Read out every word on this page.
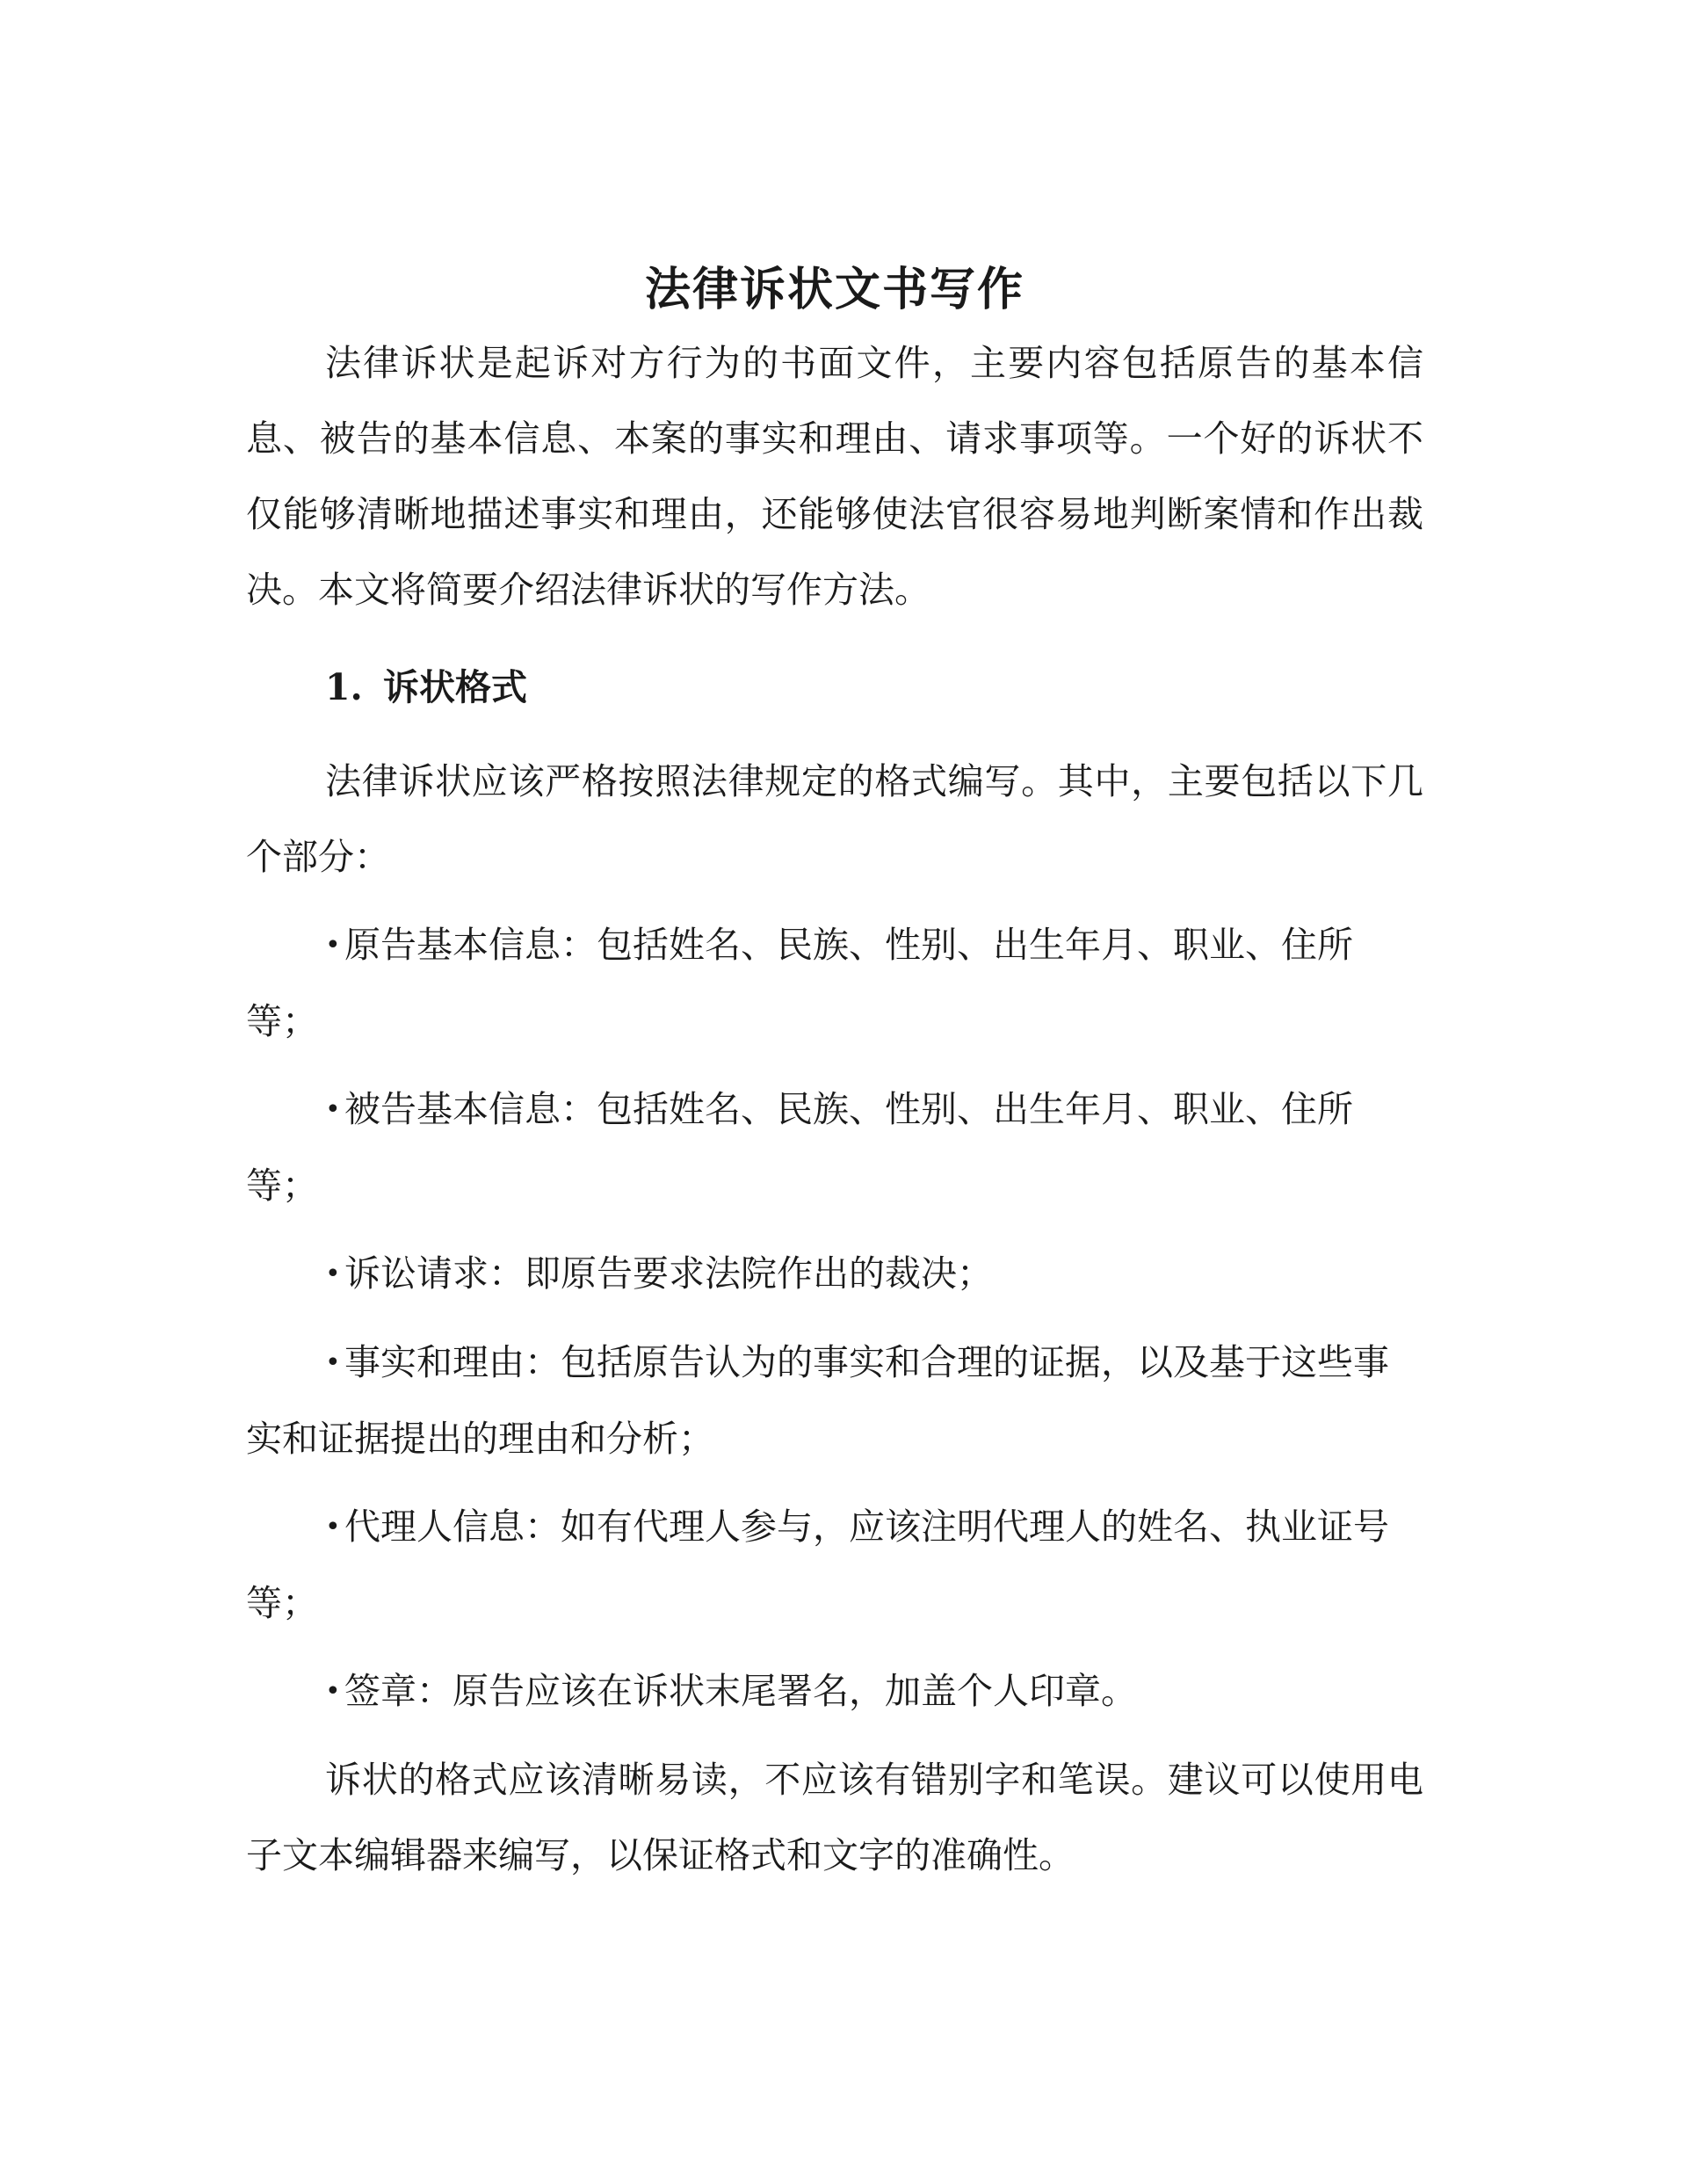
法律诉状文书写作

法律诉状是起诉对方行为的书面文件，主要内容包括原告的基本信息、被告的基本信息、本案的事实和理由、请求事项等。一个好的诉状不仅能够清晰地描述事实和理由，还能够使法官很容易地判断案情和作出裁决。本文将简要介绍法律诉状的写作方法。

1. 诉状格式

法律诉状应该严格按照法律规定的格式编写。其中，主要包括以下几个部分：

• 原告基本信息：包括姓名、民族、性别、出生年月、职业、住所等；

• 被告基本信息：包括姓名、民族、性别、出生年月、职业、住所等；

• 诉讼请求：即原告要求法院作出的裁决；

• 事实和理由：包括原告认为的事实和合理的证据，以及基于这些事实和证据提出的理由和分析；

• 代理人信息：如有代理人参与，应该注明代理人的姓名、执业证号等；

• 签章：原告应该在诉状末尾署名，加盖个人印章。

诉状的格式应该清晰易读，不应该有错别字和笔误。建议可以使用电子文本编辑器来编写，以保证格式和文字的准确性。
